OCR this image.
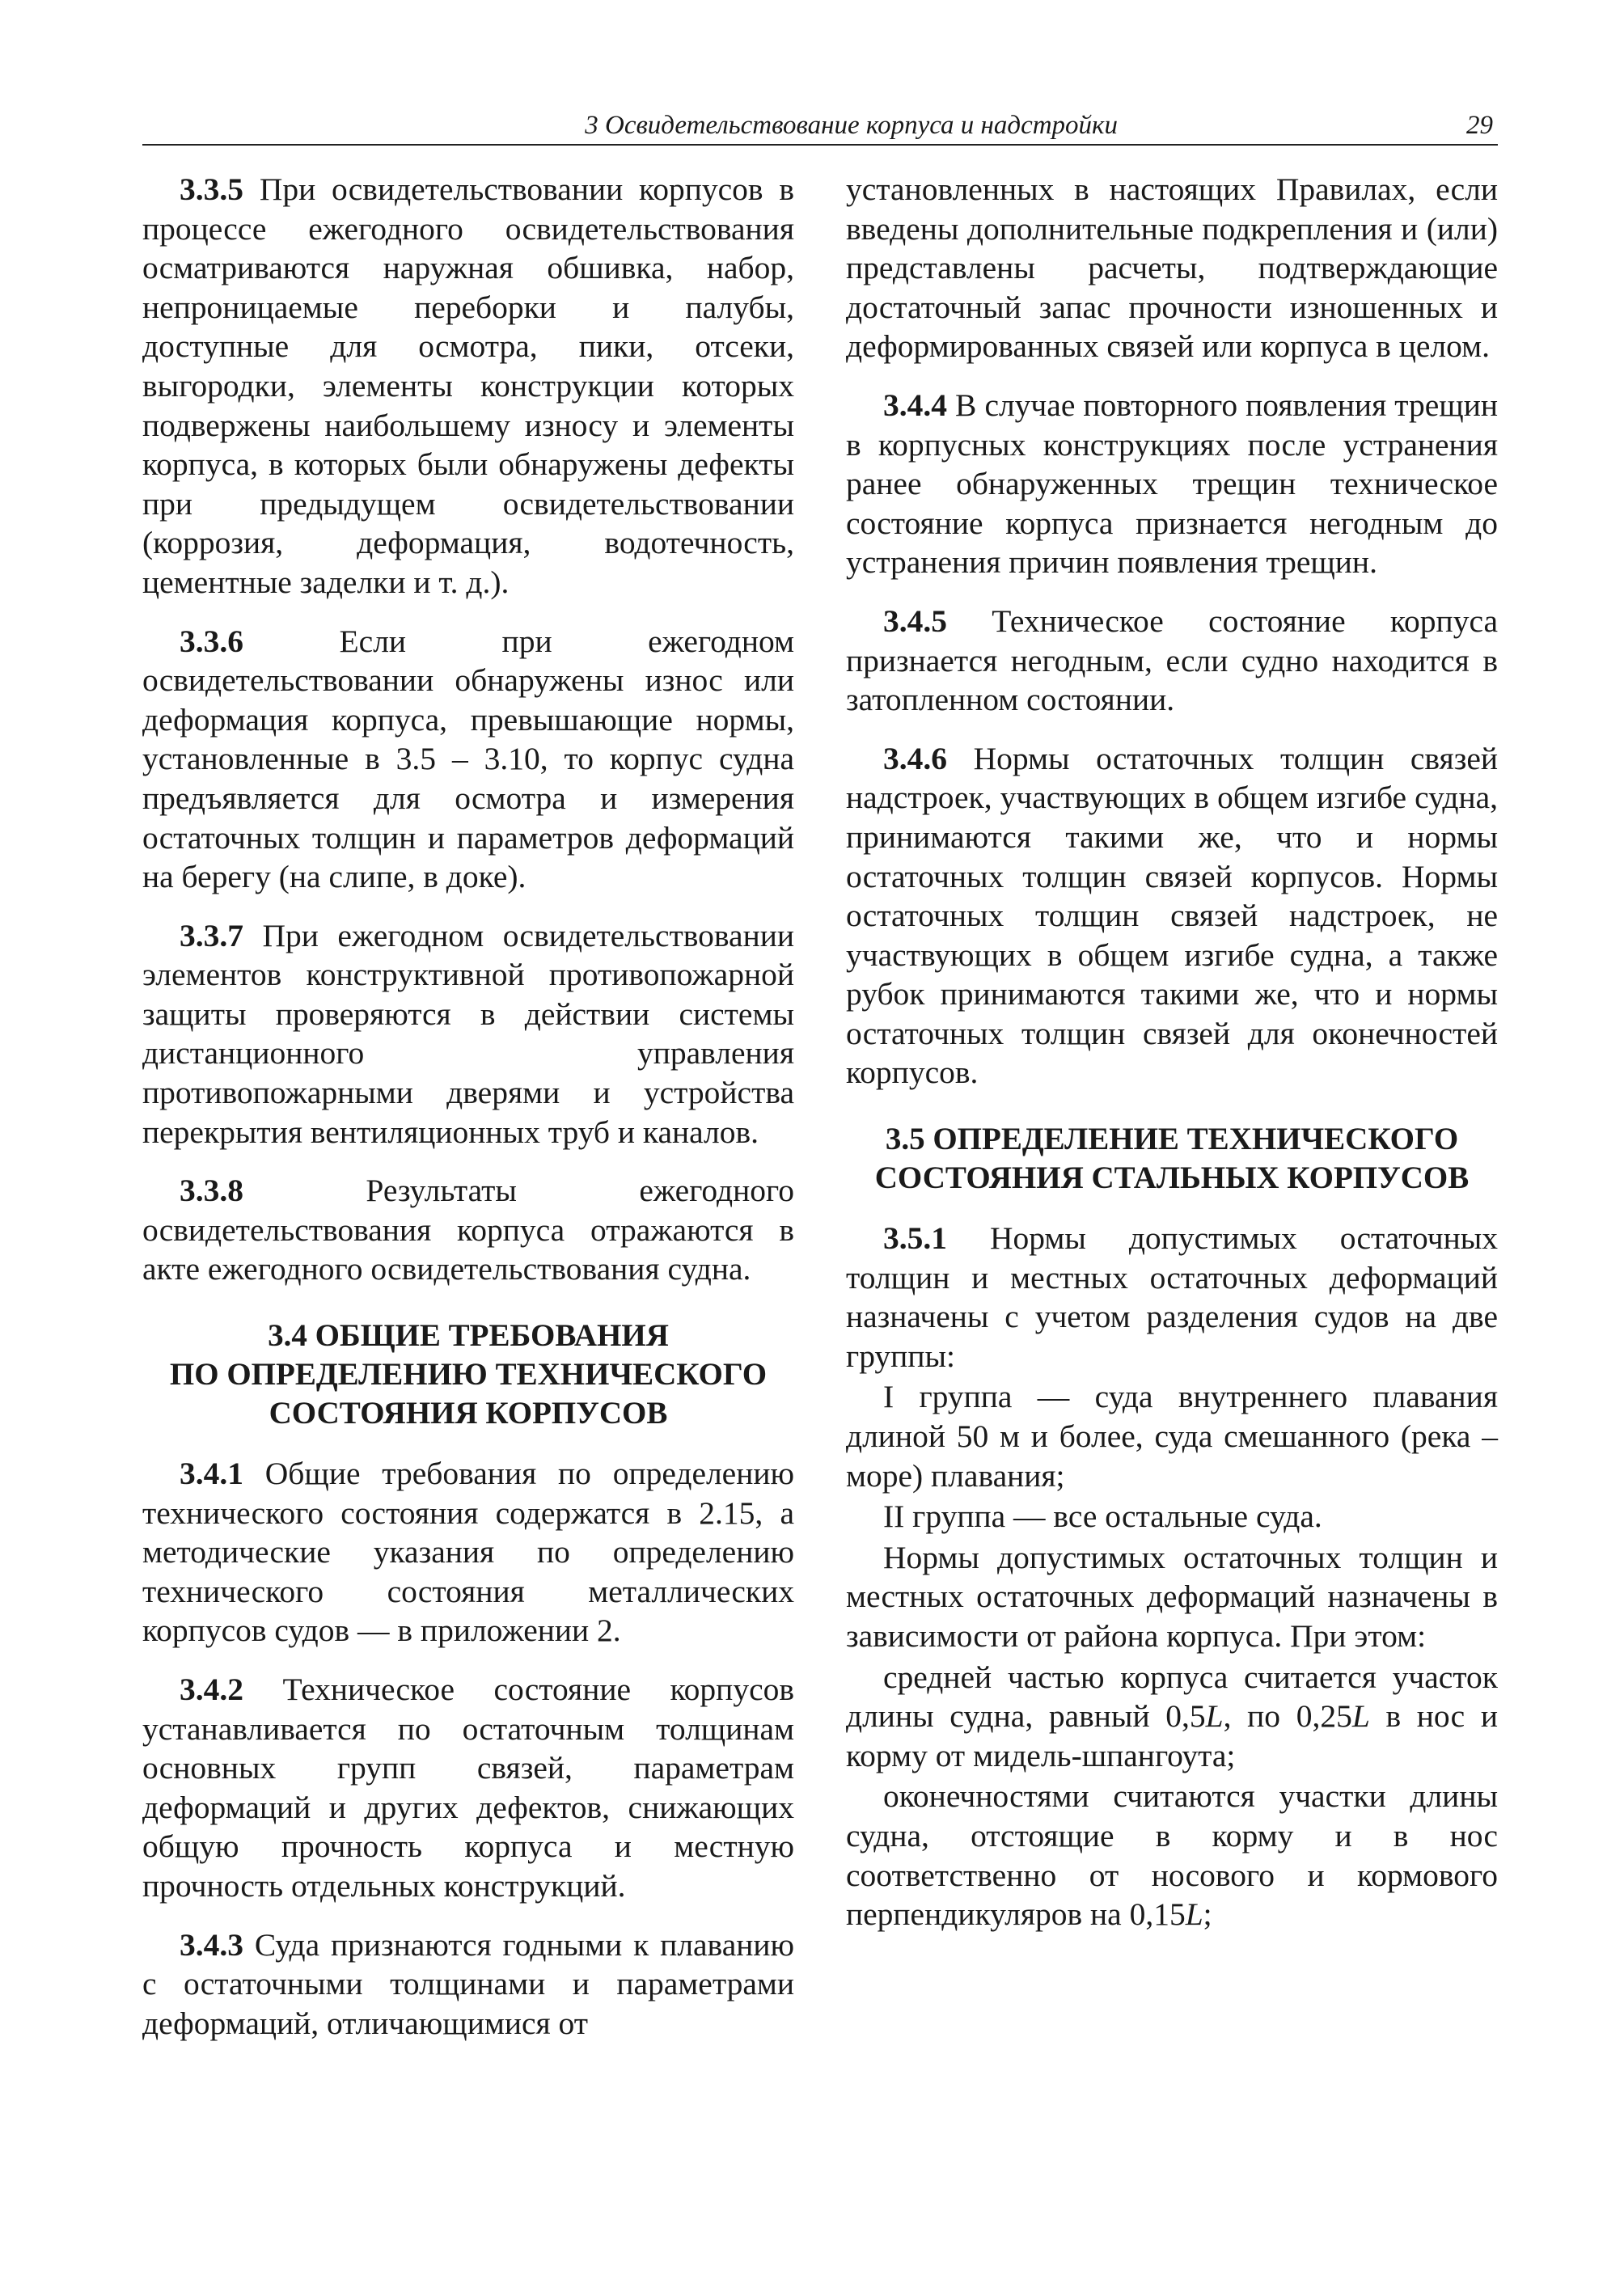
3 Освидетельствование корпуса и надстройки	29

3.3.5 При освидетельствовании корпусов в процессе ежегодного освидетельствования осматриваются наружная обшивка, набор, непроницаемые переборки и палубы, доступные для осмотра, пики, отсеки, выгородки, элементы конструкции которых подвержены наибольшему износу и элементы корпуса, в которых были обнаружены дефекты при предыдущем освидетельствовании (коррозия, деформация, водотечность, цементные заделки и т. д.).

3.3.6	Если при ежегодном освидетельствовании обнаружены износ или деформация корпуса, превышающие нормы, установленные в 3.5 – 3.10, то корпус судна предъявляется для осмотра и измерения остаточных толщин и параметров деформаций на берегу (на слипе, в доке).

3.3.7 При ежегодном освидетельствовании элементов конструктивной противопожарной защиты проверяются в действии системы дистанционного управления противопожарными дверями и устройства перекрытия вентиляционных труб и каналов.

3.3.8	Результаты ежегодного освидетельствования корпуса отражаются в акте ежегодного освидетельствования судна.

3.4 ОБЩИЕ ТРЕБОВАНИЯ
ПО ОПРЕДЕЛЕНИЮ ТЕХНИЧЕСКОГО
СОСТОЯНИЯ КОРПУСОВ

3.4.1 Общие требования по определению технического состояния содержатся в 2.15, а методические указания по определению технического состояния металлических корпусов судов — в приложении 2.

3.4.2 Техническое состояние корпусов устанавливается по остаточным толщинам основных групп связей, параметрам деформаций и других дефектов, снижающих общую прочность корпуса и местную прочность отдельных конструкций.

3.4.3 Суда признаются годными к плаванию с остаточными толщинами и параметрами деформаций, отличающимися от

установленных в настоящих Правилах, если введены дополнительные подкрепления и (или) представлены расчеты, подтверждающие достаточный запас прочности изношенных и деформированных связей или корпуса в целом.

3.4.4 В случае повторного появления трещин в корпусных конструкциях после устранения ранее обнаруженных трещин техническое состояние корпуса признается негодным до устранения причин появления трещин.

3.4.5 Техническое состояние корпуса признается негодным, если судно находится в затопленном состоянии.

3.4.6 Нормы остаточных толщин связей надстроек, участвующих в общем изгибе судна, принимаются такими же, что и нормы остаточных толщин связей корпусов. Нормы остаточных толщин связей надстроек, не участвующих в общем изгибе судна, а также рубок принимаются такими же, что и нормы остаточных толщин связей для оконечностей корпусов.

3.5 ОПРЕДЕЛЕНИЕ ТЕХНИЧЕСКОГО
СОСТОЯНИЯ СТАЛЬНЫХ КОРПУСОВ

3.5.1 Нормы допустимых остаточных толщин и местных остаточных деформаций назначены с учетом разделения судов на две группы:

I группа — суда внутреннего плавания длиной 50 м и более, суда смешанного (река – море) плавания;

II группа — все остальные суда.

Нормы допустимых остаточных толщин и местных остаточных деформаций назначены в зависимости от района корпуса. При этом:

средней частью корпуса считается участок длины судна, равный 0,5L, по 0,25L в нос и корму от мидель-шпангоута;

оконечностями считаются участки длины судна, отстоящие в корму и в нос соответственно от носового и кормового перпендикуляров на 0,15L;
